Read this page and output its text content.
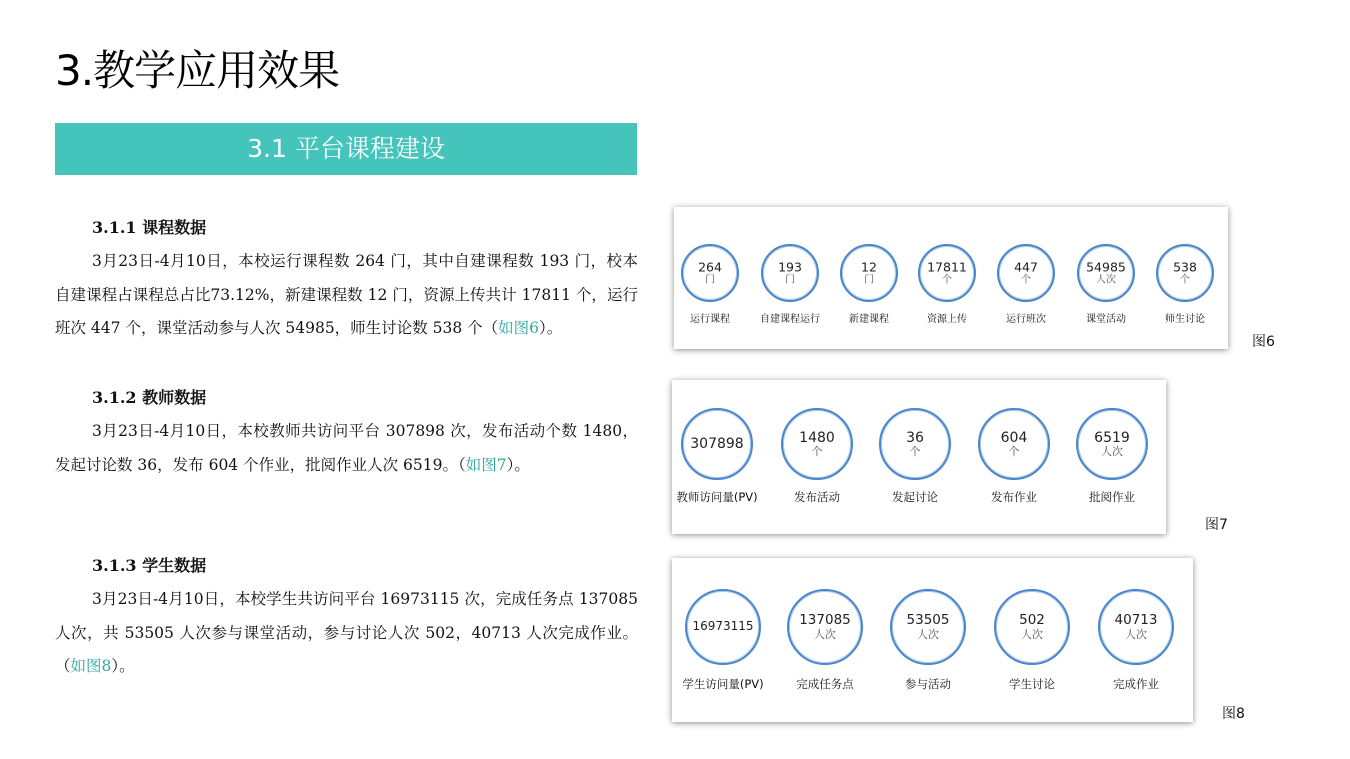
3.教学应用效果
3.1 平台课程建设
3.1.1 课程数据

3月23日-4月10日，本校运行课程数 264 门，其中自建课程数 193 门，校本自建课程占课程总占比73.12%，新建课程数 12 门，资源上传共计 17811 个，运行班次 447 个，课堂活动参与人次 54985，师生讨论数 538 个（如图6）。

3.1.2 教师数据

3月23日-4月10日，本校教师共访问平台 307898 次，发布活动个数 1480，发起讨论数 36，发布 604 个作业，批阅作业人次 6519。（如图7）。

3.1.3 学生数据

3月23日-4月10日，本校学生共访问平台 16973115 次，完成任务点 137085人次，共 53505 人次参与课堂活动，参与讨论人次 502，40713 人次完成作业。（如图8）。

图6
图7
图8
264
门
运行课程
193
门
自建课程运行
12
门
新建课程
17811
个
资源上传
447
个
运行班次
54985
人次
课堂活动
538
个
师生讨论
307898
教师访问量(PV)
1480
个
发布活动
36
个
发起讨论
604
个
发布作业
6519
人次
批阅作业
16973115
学生访问量(PV)
137085
人次
完成任务点
53505
人次
参与活动
502
人次
学生讨论
40713
人次
完成作业
